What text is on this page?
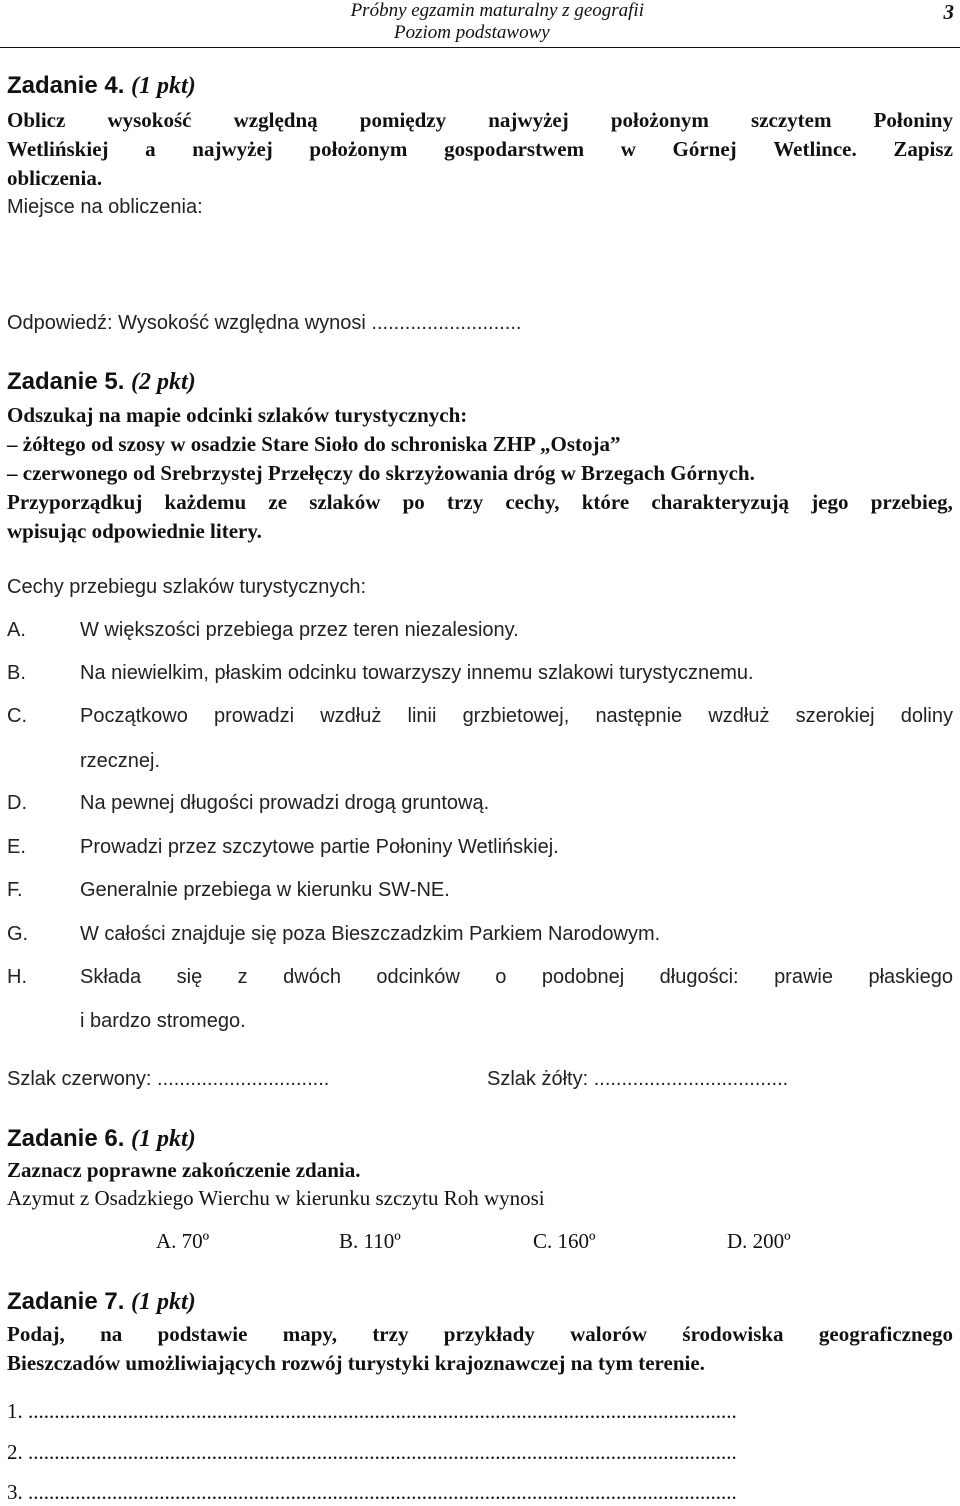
Próbny egzamin maturalny z geografii
Poziom podstawowy
3
Zadanie 4. (1 pkt)
Oblicz wysokość względną pomiędzy najwyżej położonym szczytem Połoniny
Wetlińskiej a najwyżej położonym gospodarstwem w Górnej Wetlince. Zapisz
obliczenia.
Miejsce na obliczenia:
Odpowiedź: Wysokość względna wynosi ...........................
Zadanie 5. (2 pkt)
Odszukaj na mapie odcinki szlaków turystycznych:
– żółtego od szosy w osadzie Stare Sioło do schroniska ZHP „Ostoja”
– czerwonego od Srebrzystej Przełęczy do skrzyżowania dróg w Brzegach Górnych.
Przyporządkuj każdemu ze szlaków po trzy cechy, które charakteryzują jego przebieg,
wpisując odpowiednie litery.
Cechy przebiegu szlaków turystycznych:
A.	W większości przebiega przez teren niezalesiony.
B.	Na niewielkim, płaskim odcinku towarzyszy innemu szlakowi turystycznemu.
C.	Początkowo prowadzi wzdłuż linii grzbietowej, następnie wzdłuż szerokiej doliny
rzecznej.
D.	Na pewnej długości prowadzi drogą gruntową.
E.	Prowadzi przez szczytowe partie Połoniny Wetlińskiej.
F.	Generalnie przebiega w kierunku SW-NE.
G.	W całości znajduje się poza Bieszczadzkim Parkiem Narodowym.
H.	Składa się z dwóch odcinków o podobnej długości: prawie płaskiego
i bardzo stromego.
Szlak czerwony: ...............................	Szlak żółty: ...................................
Zadanie 6. (1 pkt)
Zaznacz poprawne zakończenie zdania.
Azymut z Osadzkiego Wierchu w kierunku szczytu Roh wynosi
A. 70º	B. 110º	C. 160º	D. 200º
Zadanie 7. (1 pkt)
Podaj, na podstawie mapy, trzy przykłady walorów środowiska geograficznego
Bieszczadów umożliwiających rozwój turystyki krajoznawczej na tym terenie.
1. .......................................................................................................................................
2. .......................................................................................................................................
3. .......................................................................................................................................
